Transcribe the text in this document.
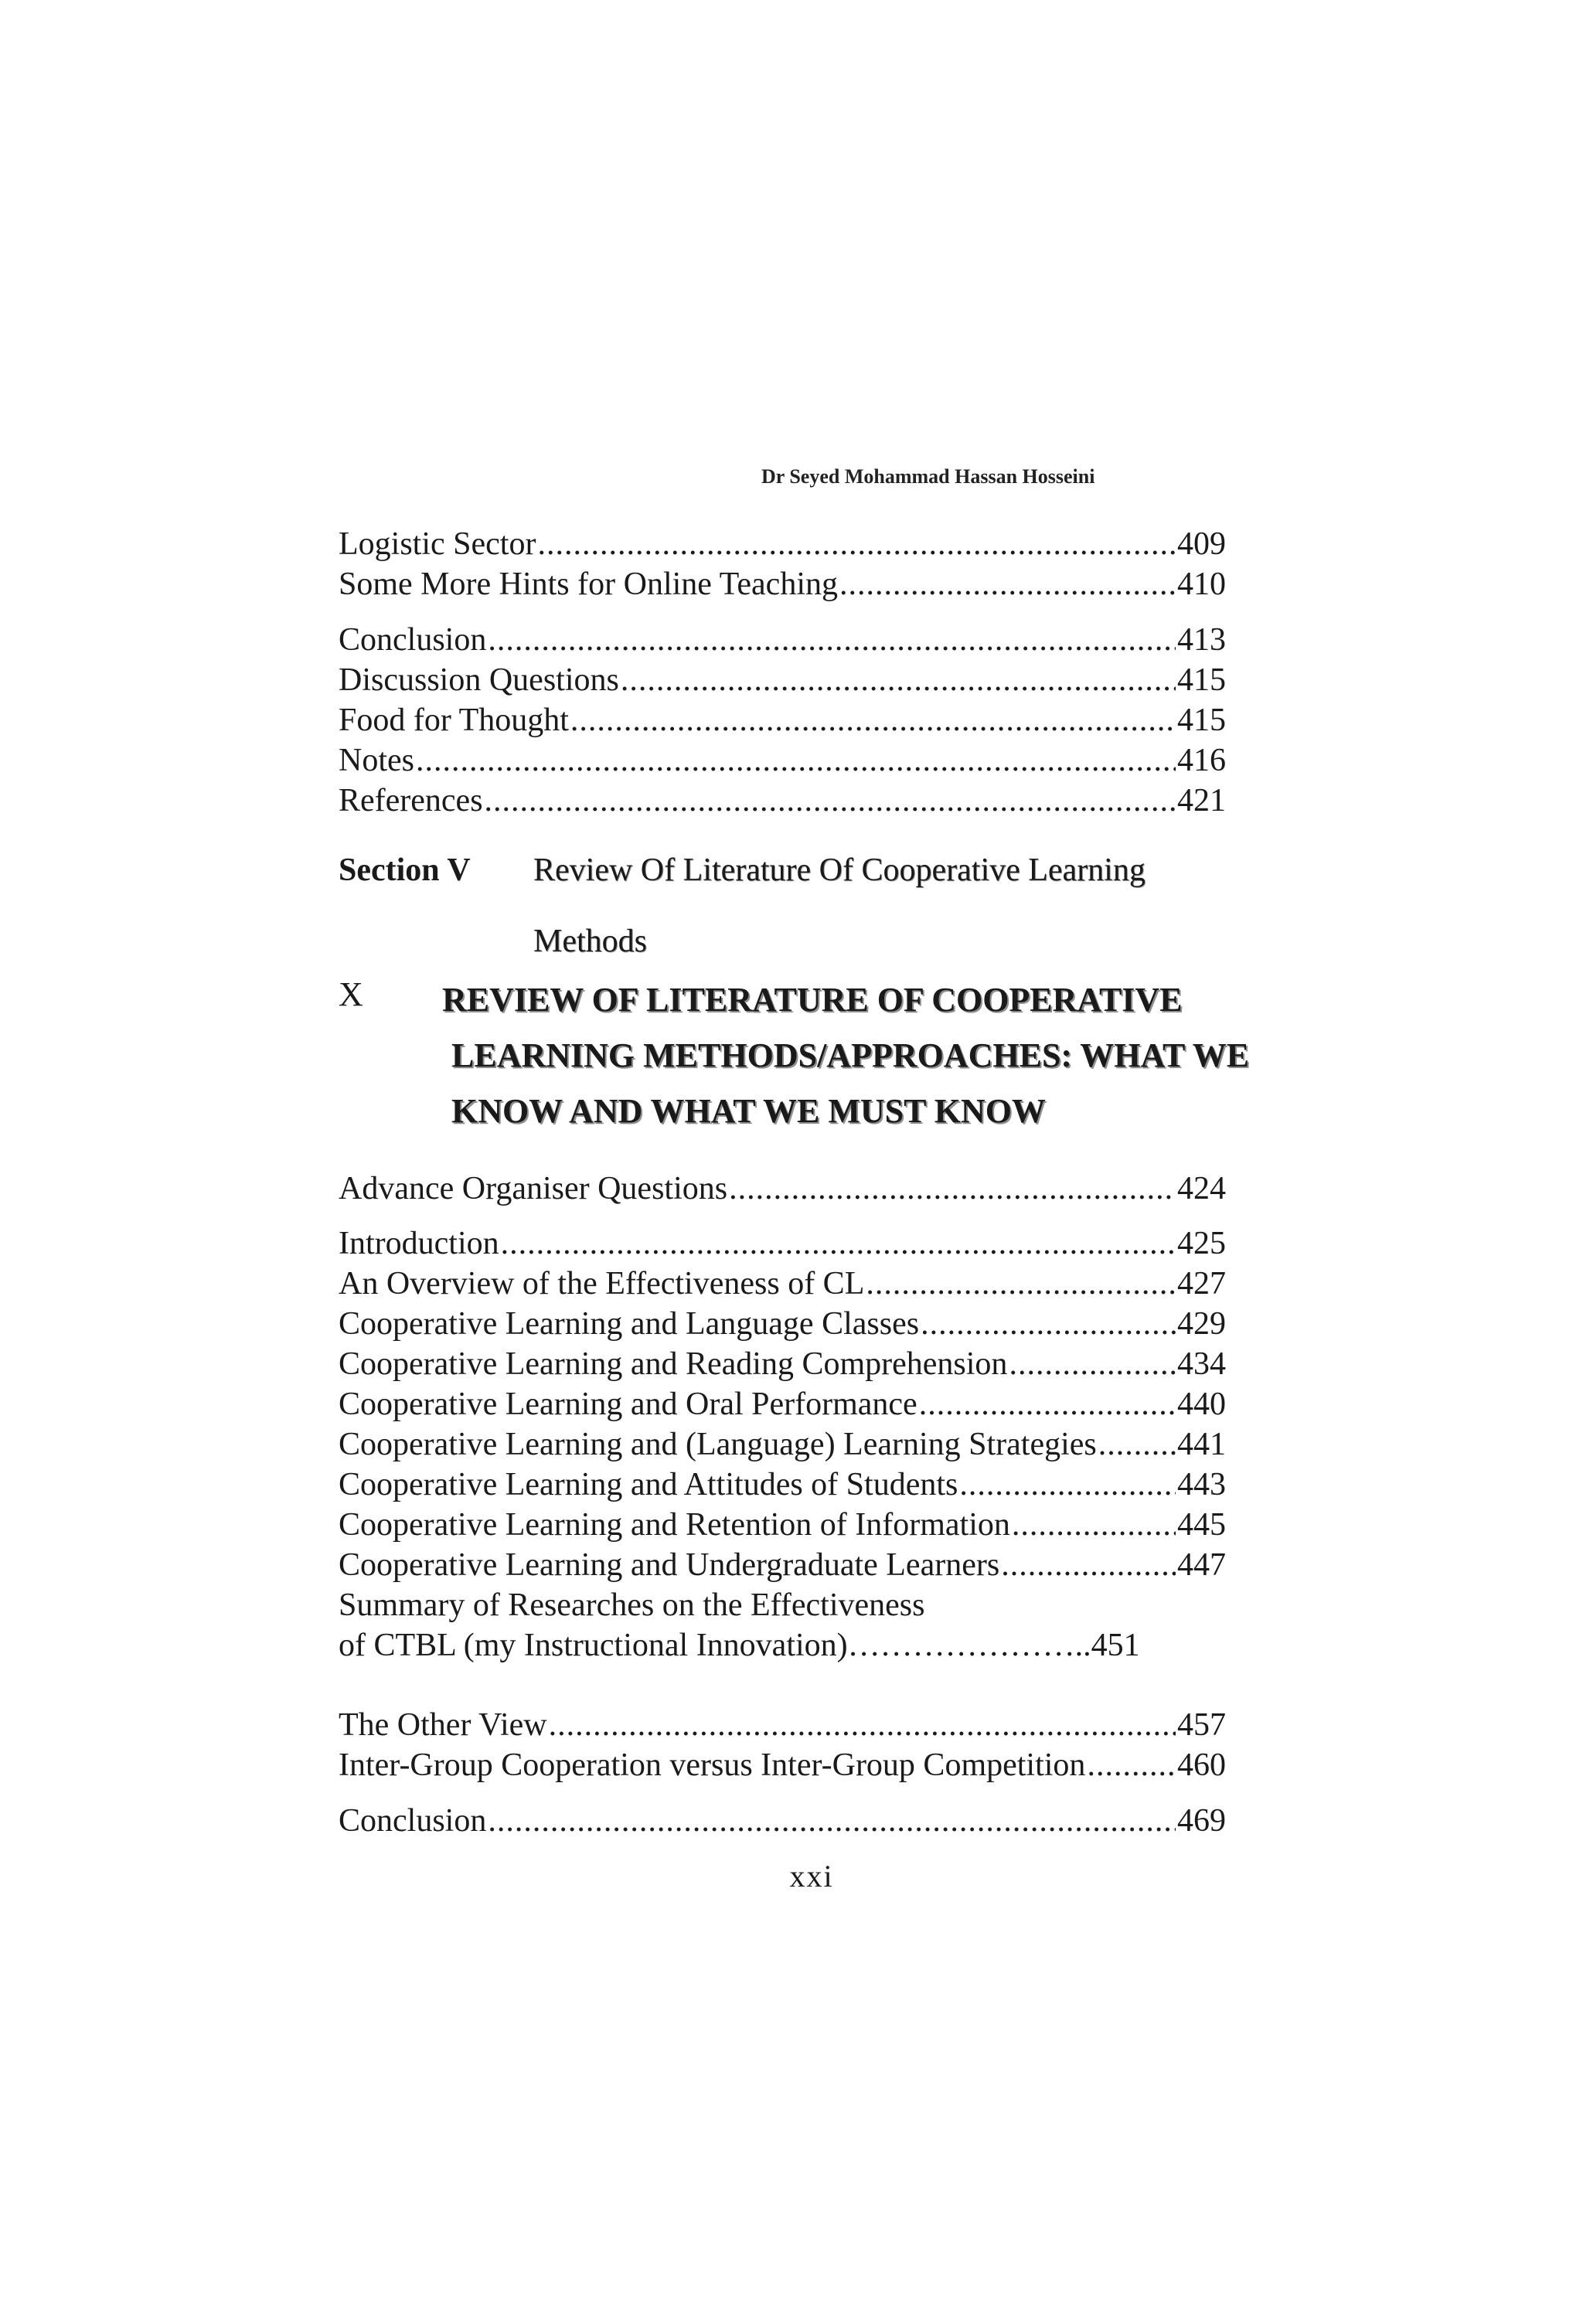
Dr Seyed Mohammad Hassan Hosseini
Logistic Sector .....	409
Some More Hints for Online Teaching .....	410
Conclusion .....	413
Discussion Questions .....	415
Food for Thought .....	415
Notes .....	416
References .....	421
Section V Review Of Literature Of Cooperative Learning
Methods
X REVIEW OF LITERATURE OF COOPERATIVE
LEARNING METHODS/APPROACHES: WHAT WE
KNOW AND WHAT WE MUST KNOW
Advance Organiser Questions .....	424
Introduction .....	425
An Overview of the Effectiveness of CL .....	427
Cooperative Learning and Language Classes .....	429
Cooperative Learning and Reading Comprehension .....	434
Cooperative Learning and Oral Performance .....	440
Cooperative Learning and (Language) Learning Strategies ..... 441
Cooperative Learning and Attitudes of Students .....	443
Cooperative Learning and Retention of Information .....	445
Cooperative Learning and Undergraduate Learners .....	447
Summary of Researches on the Effectiveness
of CTBL (my Instructional Innovation)…………………..451
The Other View .....	457
Inter-Group Cooperation versus Inter-Group Competition .....	460
Conclusion .....	469
xxi
